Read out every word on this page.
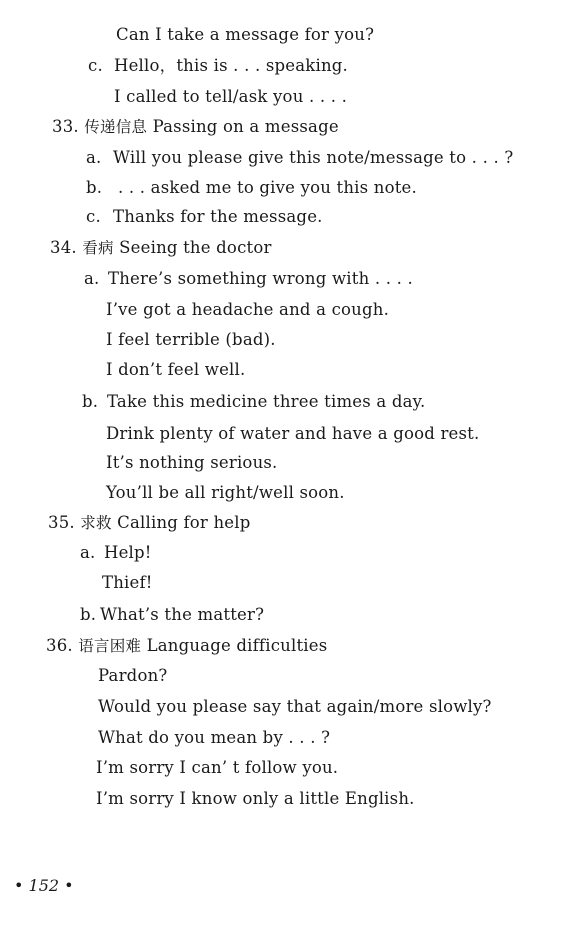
Can I take a message for you?
c. Hello，this is . . . speaking.
I called to tell/ask you . . . .
33. 传递信息 Passing on a message
a. Will you please give this note/message to . . . ?
b. . . . asked me to give you this note.
c. Thanks for the message.
34. 看病 Seeing the doctor
a. There’s something wrong with . . . .
I’ve got a headache and a cough.
I feel terrible (bad).
I don’t feel well.
b. Take this medicine three times a day.
Drink plenty of water and have a good rest.
It’s nothing serious.
You’ll be all right/well soon.
35. 求救 Calling for help
a. Help!
Thief!
b. What’s the matter?
36. 语言困难 Language difficulties
Pardon?
Would you please say that again/more slowly?
What do you mean by . . . ?
I’m sorry I can’ t follow you.
I’m sorry I know only a little English.
• 152 •
